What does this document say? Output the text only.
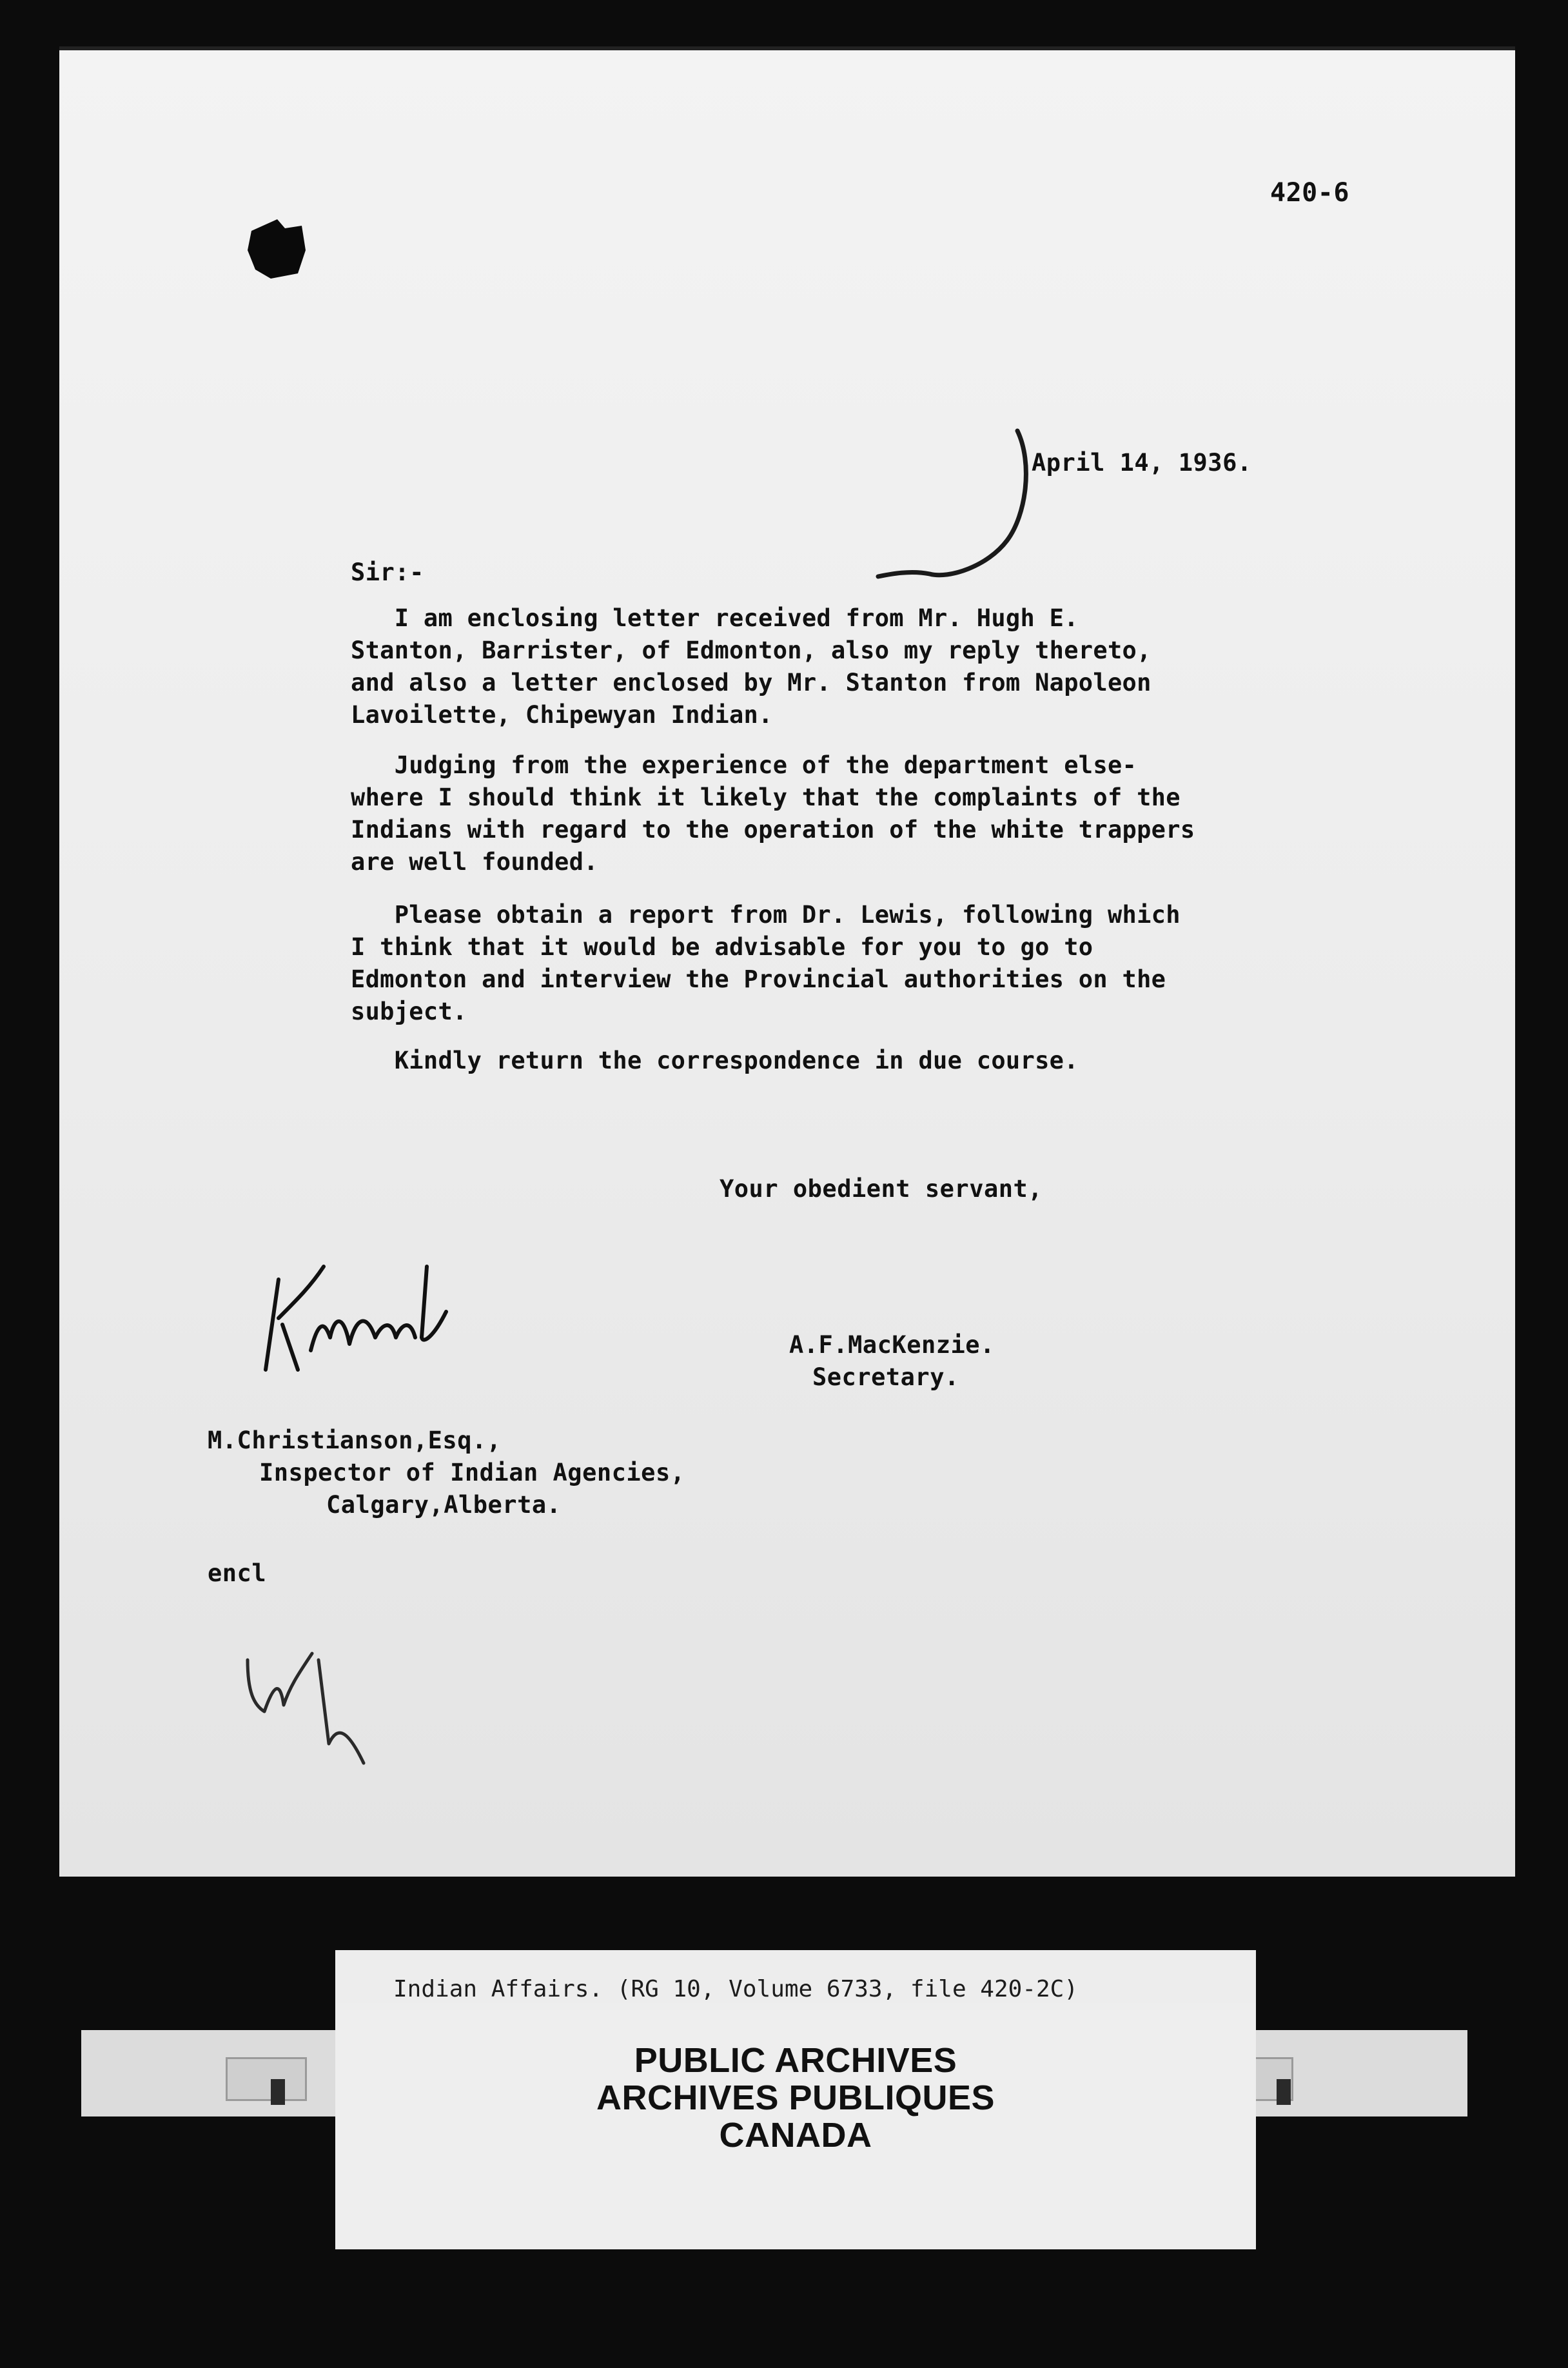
420-6
April 14, 1936.
Sir:-
I am enclosing letter received from Mr. Hugh E.
Stanton, Barrister, of Edmonton, also my reply thereto,
and also a letter enclosed by Mr. Stanton from Napoleon
Lavoilette, Chipewyan Indian.
Judging from the experience of the department else-
where I should think it likely that the complaints of the
Indians with regard to the operation of the white trappers
are well founded.
Please obtain a report from Dr. Lewis, following which
I think that it would be advisable for you to go to
Edmonton and interview the Provincial authorities on the
subject.
Kindly return the correspondence in due course.
Your obedient servant,
A.F.MacKenzie.
Secretary.
M.Christianson,Esq.,
Inspector of Indian Agencies,
Calgary,Alberta.
encl
Indian Affairs. (RG 10, Volume 6733, file 420-2C)
PUBLIC ARCHIVES
ARCHIVES PUBLIQUES
CANADA
